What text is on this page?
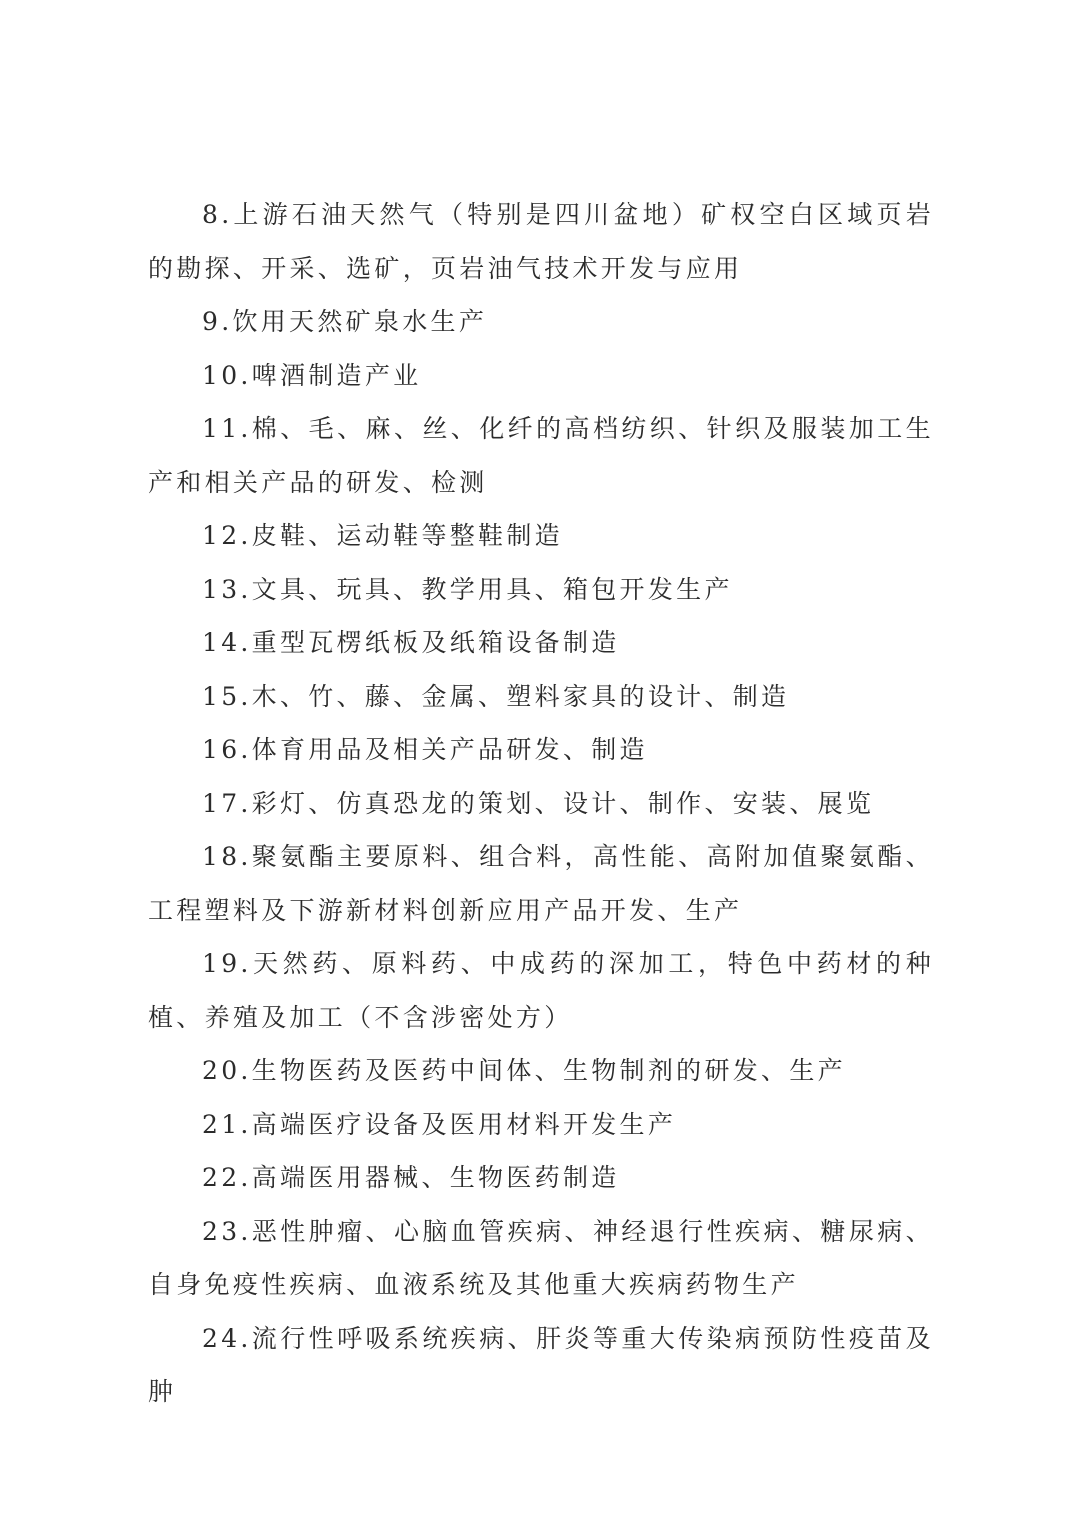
8.上游石油天然气（特别是四川盆地）矿权空白区域页岩的勘探、开采、选矿，页岩油气技术开发与应用

9.饮用天然矿泉水生产

10.啤酒制造产业

11.棉、毛、麻、丝、化纤的高档纺织、针织及服装加工生产和相关产品的研发、检测

12.皮鞋、运动鞋等整鞋制造

13.文具、玩具、教学用具、箱包开发生产

14.重型瓦楞纸板及纸箱设备制造

15.木、竹、藤、金属、塑料家具的设计、制造

16.体育用品及相关产品研发、制造

17.彩灯、仿真恐龙的策划、设计、制作、安装、展览

18.聚氨酯主要原料、组合料，高性能、高附加值聚氨酯、工程塑料及下游新材料创新应用产品开发、生产

19.天然药、原料药、中成药的深加工，特色中药材的种植、养殖及加工（不含涉密处方）

20.生物医药及医药中间体、生物制剂的研发、生产

21.高端医疗设备及医用材料开发生产

22.高端医用器械、生物医药制造

23.恶性肿瘤、心脑血管疾病、神经退行性疾病、糖尿病、自身免疫性疾病、血液系统及其他重大疾病药物生产

24.流行性呼吸系统疾病、肝炎等重大传染病预防性疫苗及肿
